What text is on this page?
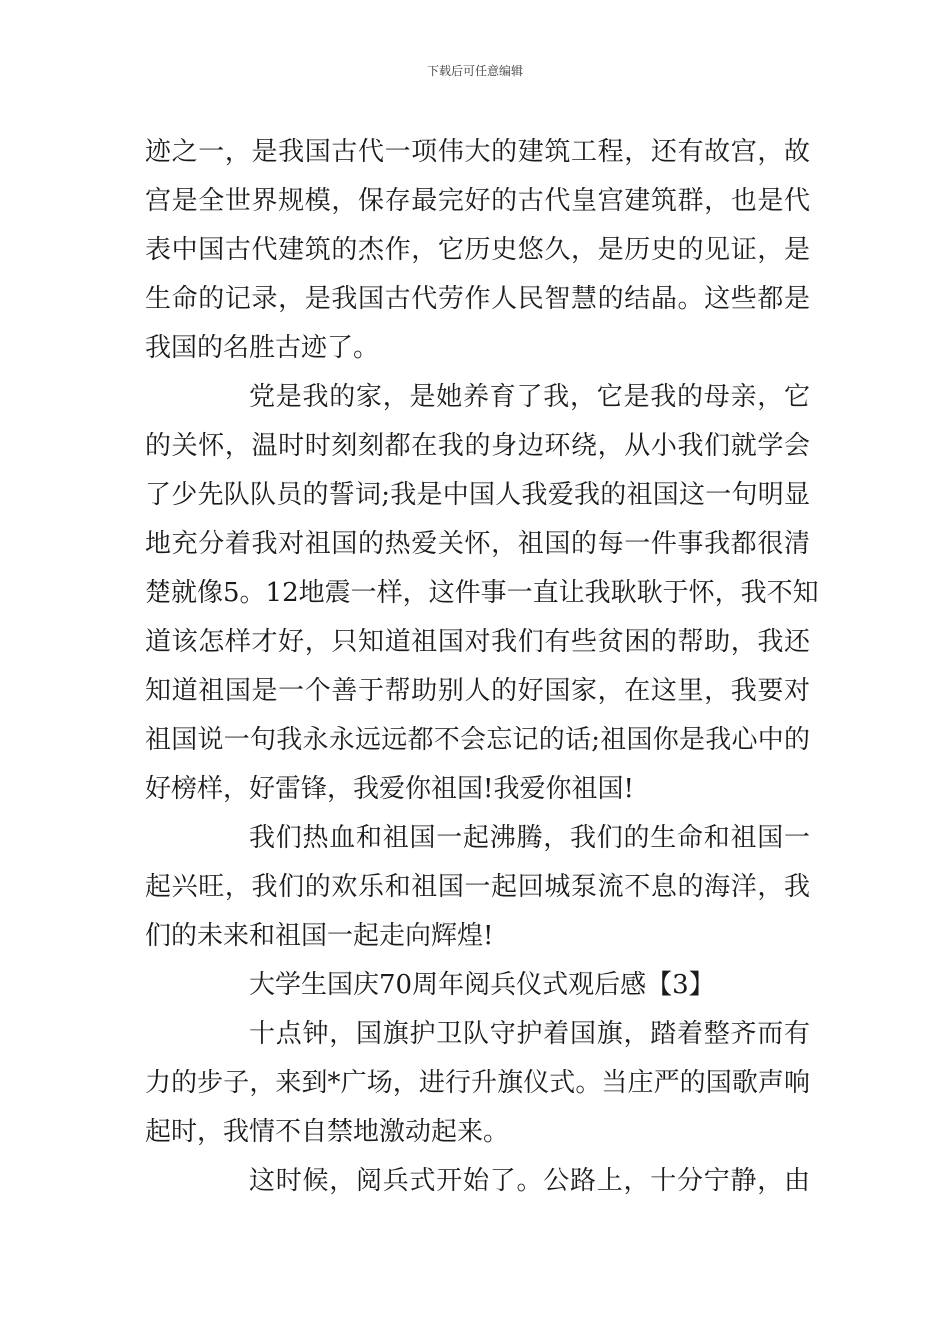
下载后可任意编辑
迹之一，是我国古代一项伟大的建筑工程，还有故宫，故
宫是全世界规模，保存最完好的古代皇宫建筑群，也是代
表中国古代建筑的杰作，它历史悠久，是历史的见证，是
生命的记录，是我国古代劳作人民智慧的结晶。这些都是
我国的名胜古迹了。
党是我的家，是她养育了我，它是我的母亲，它
的关怀，温时时刻刻都在我的身边环绕，从小我们就学会
了少先队队员的誓词;我是中国人我爱我的祖国这一句明显
地充分着我对祖国的热爱关怀，祖国的每一件事我都很清
楚就像5。12地震一样，这件事一直让我耿耿于怀，我不知
道该怎样才好，只知道祖国对我们有些贫困的帮助，我还
知道祖国是一个善于帮助别人的好国家，在这里，我要对
祖国说一句我永永远远都不会忘记的话;祖国你是我心中的
好榜样，好雷锋，我爱你祖国!我爱你祖国!
我们热血和祖国一起沸腾，我们的生命和祖国一
起兴旺，我们的欢乐和祖国一起回城泵流不息的海洋，我
们的未来和祖国一起走向辉煌!
大学生国庆70周年阅兵仪式观后感【3】
十点钟，国旗护卫队守护着国旗，踏着整齐而有
力的步子，来到*广场，进行升旗仪式。当庄严的国歌声响
起时，我情不自禁地激动起来。
这时候，阅兵式开始了。公路上，十分宁静，由
